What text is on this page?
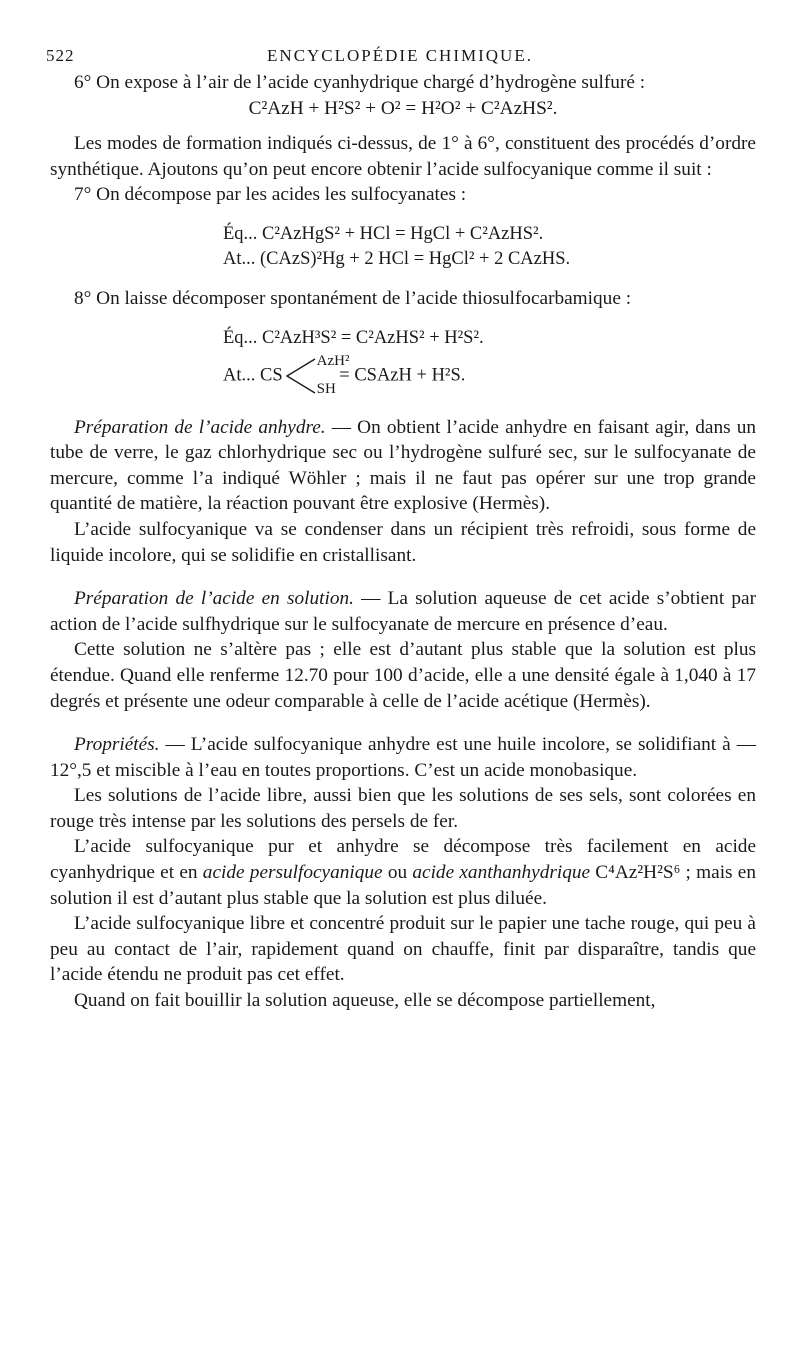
522	ENCYCLOPÉDIE CHIMIQUE.

6° On expose à l’air de l’acide cyanhydrique chargé d’hydrogène sulfuré :

C²AzH + H²S² + O² = H²O² + C²AzHS².

Les modes de formation indiqués ci-dessus, de 1° à 6°, constituent des procédés d’ordre synthétique. Ajoutons qu’on peut encore obtenir l’acide sulfocyanique comme il suit :

7° On décompose par les acides les sulfocyanates :

Éq... C²AzHgS² + HCl = HgCl + C²AzHS².
At... (CAzS)²Hg + 2 HCl = HgCl² + 2 CAzHS.

8° On laisse décomposer spontanément de l’acide thiosulfocarbamique :

Éq... C²AzH³S² = C²AzHS² + H²S².
At... CS
AzH²
SH
= CSAzH + H²S.

Préparation de l’acide anhydre. — On obtient l’acide anhydre en faisant agir, dans un tube de verre, le gaz chlorhydrique sec ou l’hydrogène sulfuré sec, sur le sulfocyanate de mercure, comme l’a indiqué Wöhler ; mais il ne faut pas opérer sur une trop grande quantité de matière, la réaction pouvant être explosive (Hermès).

L’acide sulfocyanique va se condenser dans un récipient très refroidi, sous forme de liquide incolore, qui se solidifie en cristallisant.

Préparation de l’acide en solution. — La solution aqueuse de cet acide s’obtient par action de l’acide sulfhydrique sur le sulfocyanate de mercure en présence d’eau.

Cette solution ne s’altère pas ; elle est d’autant plus stable que la solution est plus étendue. Quand elle renferme 12.70 pour 100 d’acide, elle a une densité égale à 1,040 à 17 degrés et présente une odeur comparable à celle de l’acide acétique (Hermès).

Propriétés. — L’acide sulfocyanique anhydre est une huile incolore, se solidifiant à — 12°,5 et miscible à l’eau en toutes proportions. C’est un acide monobasique.

Les solutions de l’acide libre, aussi bien que les solutions de ses sels, sont colorées en rouge très intense par les solutions des persels de fer.

L’acide sulfocyanique pur et anhydre se décompose très facilement en acide cyanhydrique et en acide persulfocyanique ou acide xanthanhydrique C⁴Az²H²S⁶ ; mais en solution il est d’autant plus stable que la solution est plus diluée.

L’acide sulfocyanique libre et concentré produit sur le papier une tache rouge, qui peu à peu au contact de l’air, rapidement quand on chauffe, finit par disparaître, tandis que l’acide étendu ne produit pas cet effet.

Quand on fait bouillir la solution aqueuse, elle se décompose partiellement,
